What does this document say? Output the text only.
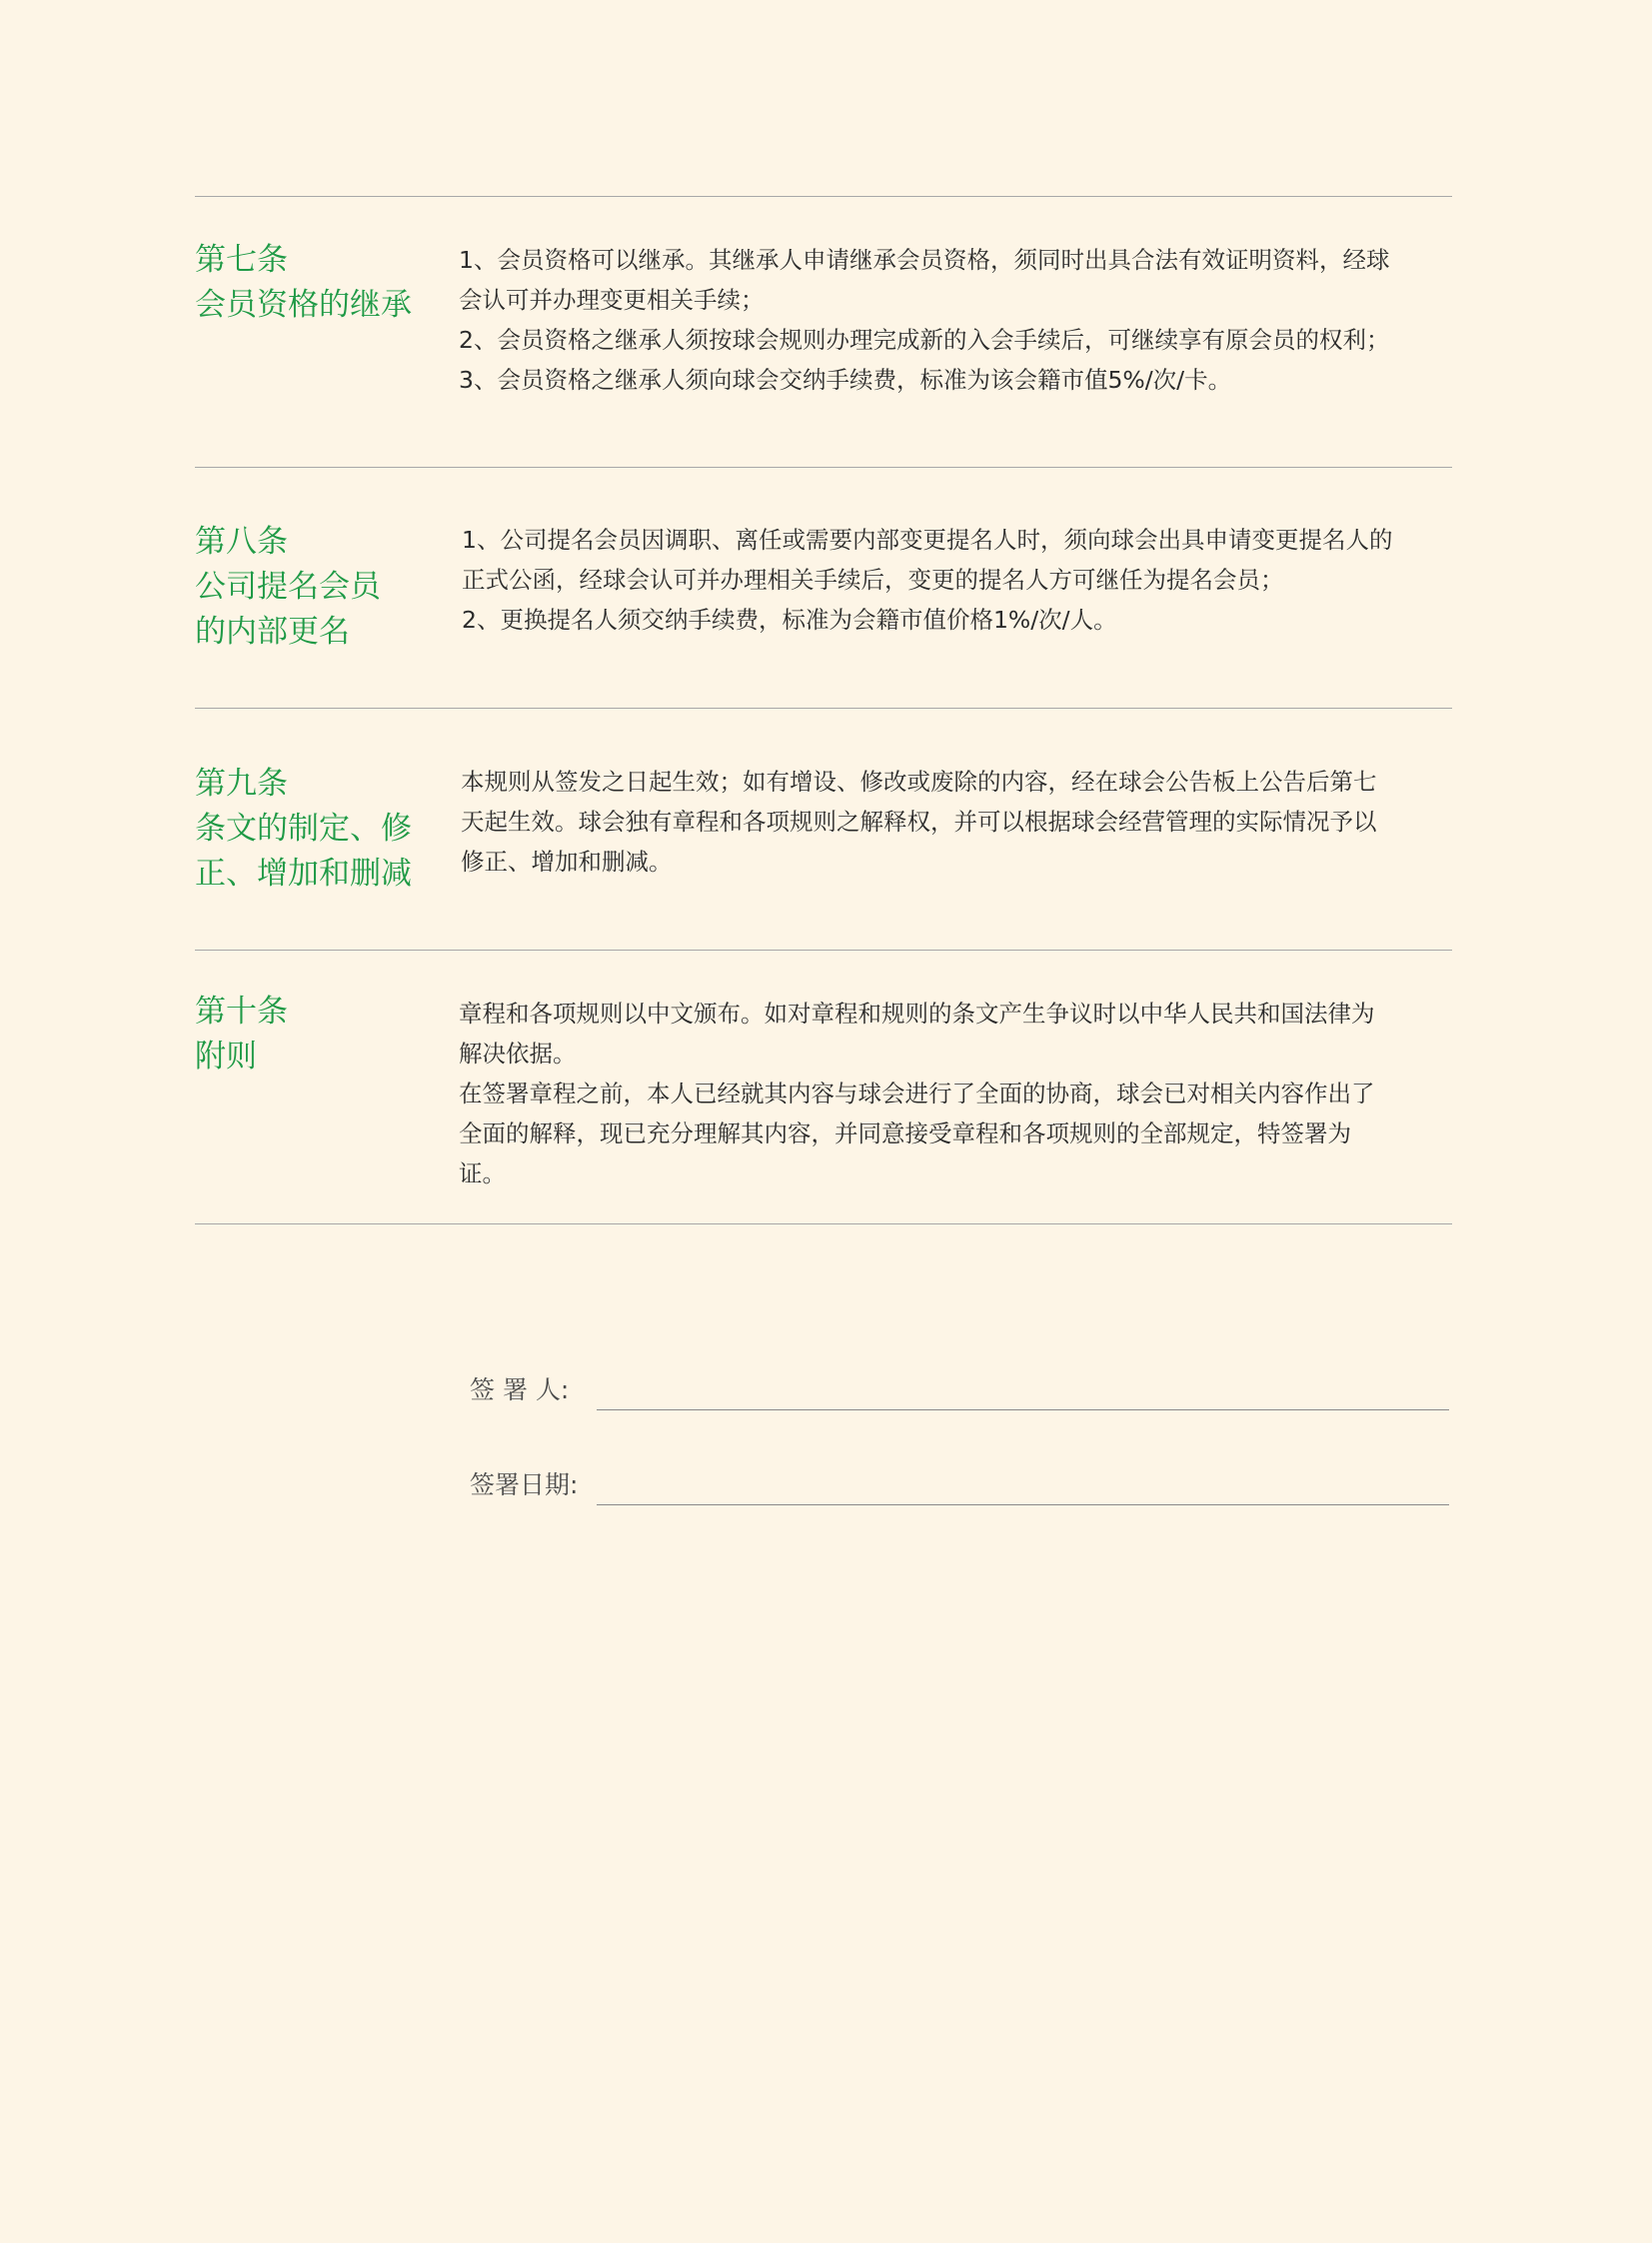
第七条
会员资格的继承
1、会员资格可以继承。其继承人申请继承会员资格，须同时出具合法有效证明资料，经球
会认可并办理变更相关手续；
2、会员资格之继承人须按球会规则办理完成新的入会手续后，可继续享有原会员的权利；
3、会员资格之继承人须向球会交纳手续费，标准为该会籍市值5%/次/卡。
第八条
公司提名会员
的内部更名
1、公司提名会员因调职、离任或需要内部变更提名人时，须向球会出具申请变更提名人的
正式公函，经球会认可并办理相关手续后，变更的提名人方可继任为提名会员；
2、更换提名人须交纳手续费，标准为会籍市值价格1%/次/人。
第九条
条文的制定、修
正、增加和删减
本规则从签发之日起生效；如有增设、修改或废除的内容，经在球会公告板上公告后第七
天起生效。球会独有章程和各项规则之解释权，并可以根据球会经营管理的实际情况予以
修正、增加和删减。
第十条
附则
章程和各项规则以中文颁布。如对章程和规则的条文产生争议时以中华人民共和国法律为
解决依据。
在签署章程之前，本人已经就其内容与球会进行了全面的协商，球会已对相关内容作出了
全面的解释，现已充分理解其内容，并同意接受章程和各项规则的全部规定，特签署为
证。
签 署 人:
签署日期:
